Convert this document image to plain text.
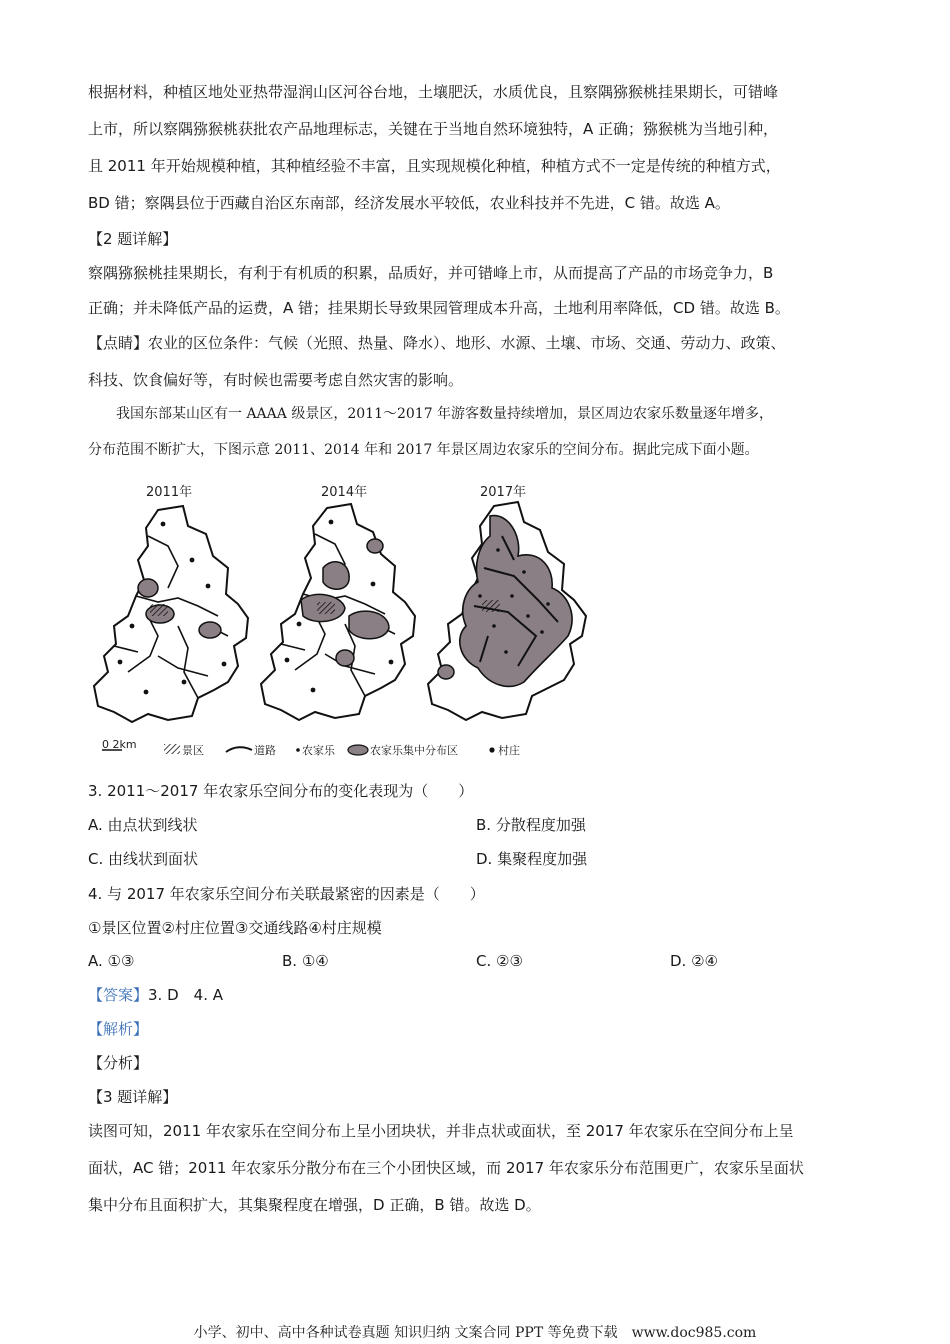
根据材料，种植区地处亚热带湿润山区河谷台地，土壤肥沃，水质优良，且察隅猕猴桃挂果期长，可错峰
上市，所以察隅猕猴桃获批农产品地理标志，关键在于当地自然环境独特，A 正确；猕猴桃为当地引种，
且 2011 年开始规模种植，其种植经验不丰富，且实现规模化种植，种植方式不一定是传统的种植方式，
BD 错；察隅县位于西藏自治区东南部，经济发展水平较低，农业科技并不先进，C 错。故选 A。
【2 题详解】
察隅猕猴桃挂果期长，有利于有机质的积累，品质好，并可错峰上市，从而提高了产品的市场竞争力，B
正确；并未降低产品的运费，A 错；挂果期长导致果园管理成本升高，土地利用率降低，CD 错。故选 B。
【点睛】农业的区位条件：气候（光照、热量、降水）、地形、水源、土壤、市场、交通、劳动力、政策、
科技、饮食偏好等，有时候也需要考虑自然灾害的影响。
　　我国东部某山区有一 AAAA 级景区，2011～2017 年游客数量持续增加，景区周边农家乐数量逐年增多，
分布范围不断扩大，下图示意 2011、2014 年和 2017 年景区周边农家乐的空间分布。据此完成下面小题。
2011年	2014年	2017年
0 2km	景区	道路 农家乐	农家乐集中分布区	村庄
3. 2011～2017 年农家乐空间分布的变化表现为（　　）
A. 由点状到线状	B. 分散程度加强
C. 由线状到面状	D. 集聚程度加强
4. 与 2017 年农家乐空间分布关联最紧密的因素是（　　）
①景区位置②村庄位置③交通线路④村庄规模
A. ①③	B. ①④	C. ②③	D. ②④
【答案】3. D　4. A
【解析】
【分析】
【3 题详解】
读图可知，2011 年农家乐在空间分布上呈小团块状，并非点状或面状，至 2017 年农家乐在空间分布上呈
面状，AC 错；2011 年农家乐分散分布在三个小团快区域，而 2017 年农家乐分布范围更广，农家乐呈面状
集中分布且面积扩大，其集聚程度在增强，D 正确，B 错。故选 D。
小学、初中、高中各种试卷真题 知识归纳 文案合同 PPT 等免费下载　www.doc985.com
